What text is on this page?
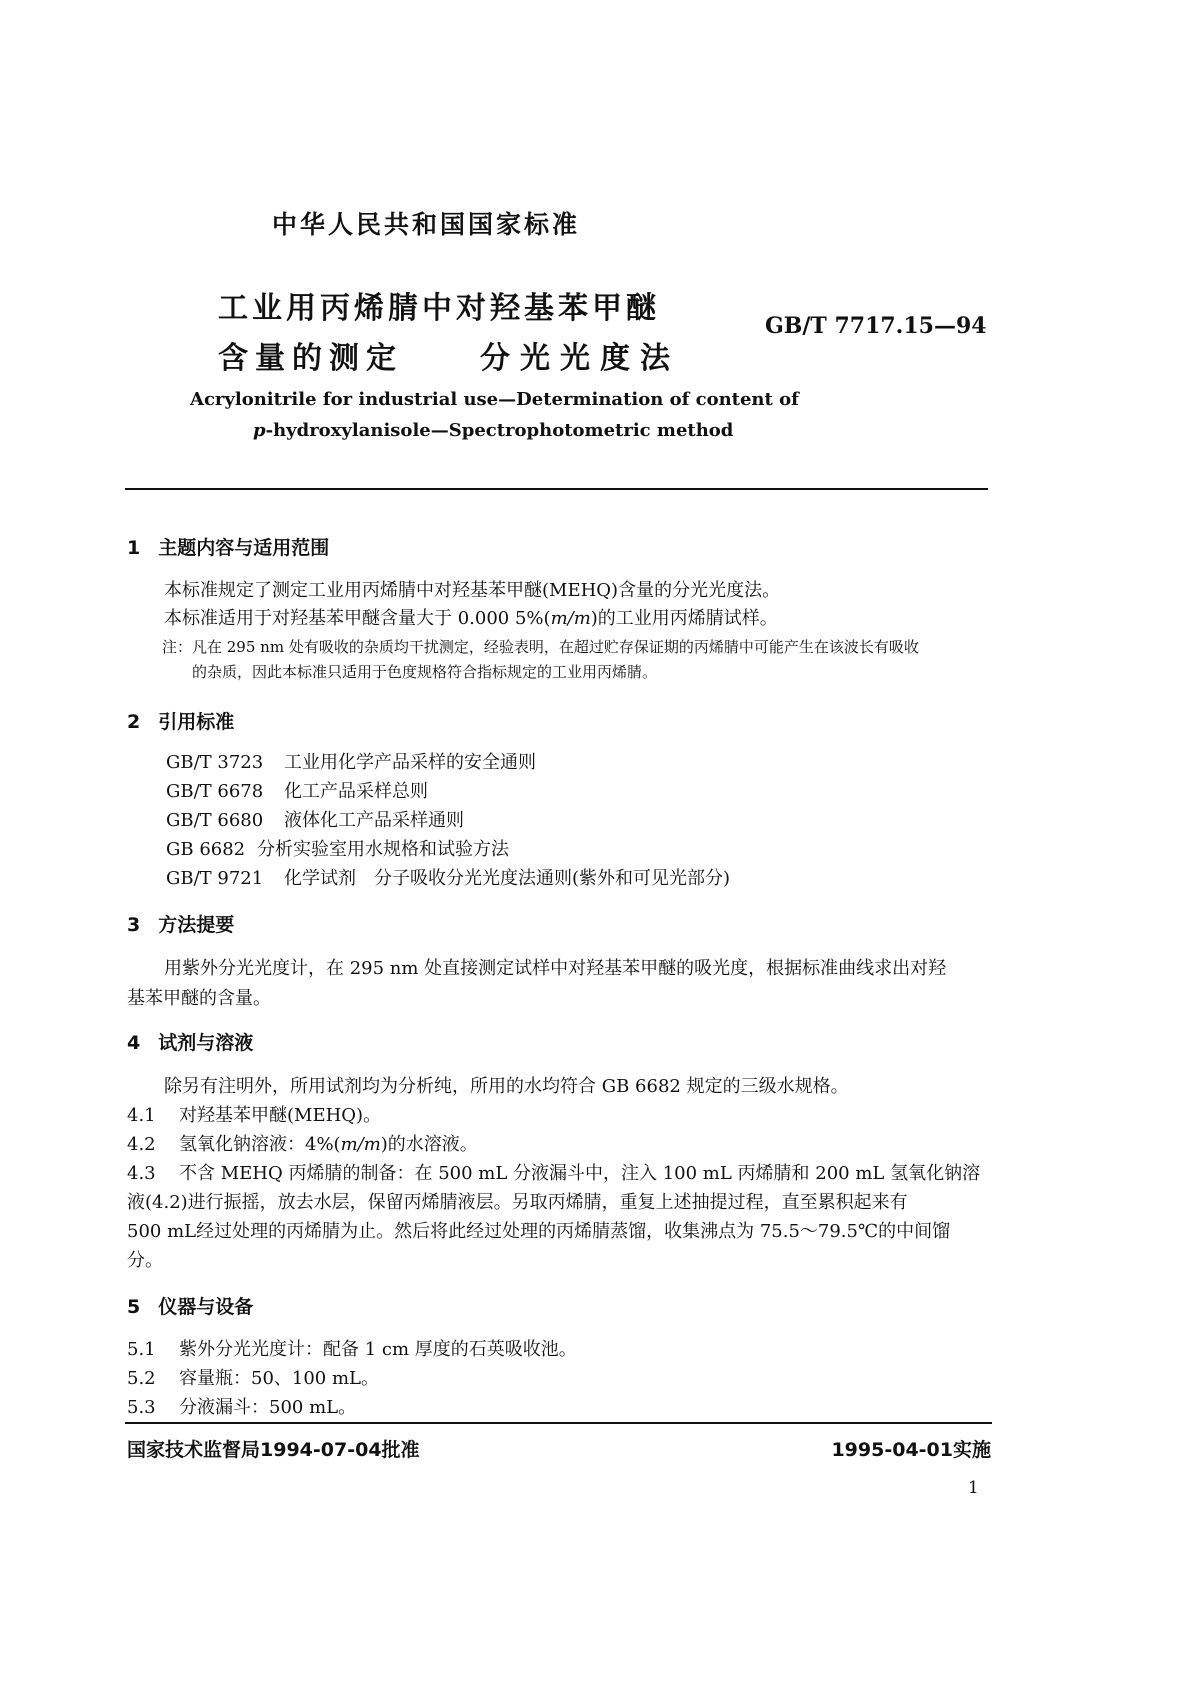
中华人民共和国国家标准
工业用丙烯腈中对羟基苯甲醚
含量的测定	分光光度法
GB/T 7717.15—94
Acrylonitrile for industrial use—Determination of content of
p-hydroxylanisole—Spectrophotometric method
1 主题内容与适用范围
本标准规定了测定工业用丙烯腈中对羟基苯甲醚(MEHQ)含量的分光光度法。
本标准适用于对羟基苯甲醚含量大于 0.000 5%(m/m)的工业用丙烯腈试样。
注：凡在 295 nm 处有吸收的杂质均干扰测定，经验表明，在超过贮存保证期的丙烯腈中可能产生在该波长有吸收
的杂质，因此本标准只适用于色度规格符合指标规定的工业用丙烯腈。
2 引用标准
GB/T 3723 工业用化学产品采样的安全通则
GB/T 6678 化工产品采样总则
GB/T 6680 液体化工产品采样通则
GB 6682 分析实验室用水规格和试验方法
GB/T 9721 化学试剂　分子吸收分光光度法通则(紫外和可见光部分)
3 方法提要
用紫外分光光度计，在 295 nm 处直接测定试样中对羟基苯甲醚的吸光度，根据标准曲线求出对羟
基苯甲醚的含量。
4 试剂与溶液
除另有注明外，所用试剂均为分析纯，所用的水均符合 GB 6682 规定的三级水规格。
4.1 对羟基苯甲醚(MEHQ)。
4.2 氢氧化钠溶液：4%(m/m)的水溶液。
4.3 不含 MEHQ 丙烯腈的制备：在 500 mL 分液漏斗中，注入 100 mL 丙烯腈和 200 mL 氢氧化钠溶
液(4.2)进行振摇，放去水层，保留丙烯腈液层。另取丙烯腈，重复上述抽提过程，直至累积起来有
500 mL经过处理的丙烯腈为止。然后将此经过处理的丙烯腈蒸馏，收集沸点为 75.5～79.5℃的中间馏
分。
5 仪器与设备
5.1 紫外分光光度计：配备 1 cm 厚度的石英吸收池。
5.2 容量瓶：50、100 mL。
5.3 分液漏斗：500 mL。
国家技术监督局1994-07-04批准	1995-04-01实施
1
